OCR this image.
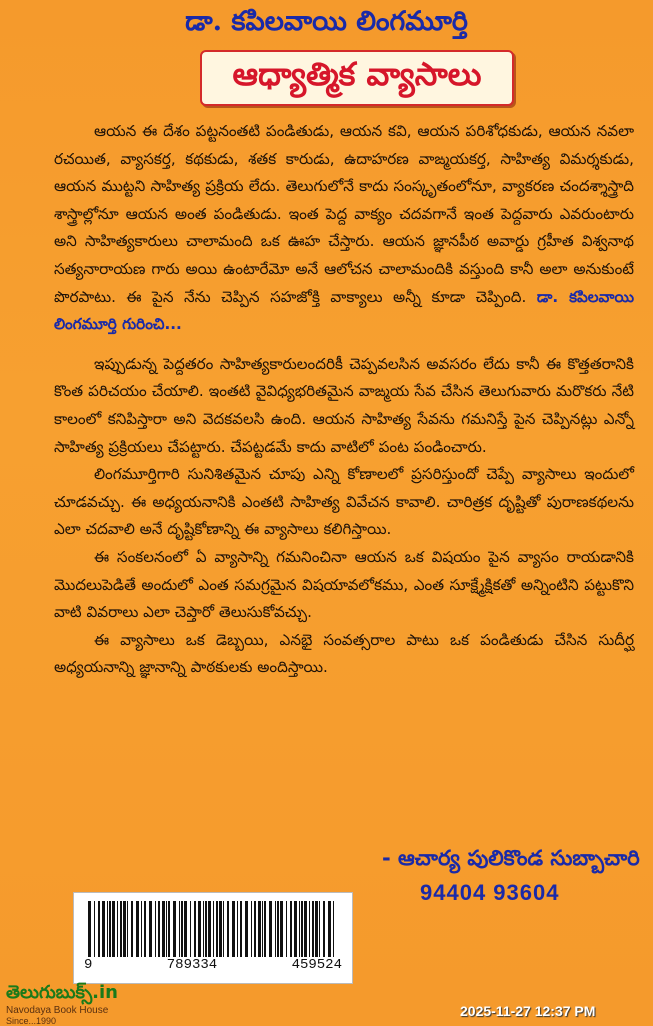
డా. కపిలవాయి లింగమూర్తి
ఆధ్యాత్మిక వ్యాసాలు

ఆయన ఈ దేశం పట్టనంతటి పండితుడు, ఆయన కవి, ఆయన పరిశోధకుడు, ఆయన నవలా రచయిత, వ్యాసకర్త, కథకుడు, శతక కారుడు, ఉదాహరణ వాఙ్మయకర్త, సాహిత్య విమర్శకుడు, ఆయన ముట్టని సాహిత్య ప్రక్రియ లేదు. తెలుగులోనే కాదు సంస్కృతంలోనూ, వ్యాకరణ చందశ్శాస్త్రాది శాస్త్రాల్లోనూ ఆయన అంత పండితుడు. ఇంత పెద్ద వాక్యం చదవగానే ఇంత పెద్దవారు ఎవరుంటారు అని సాహిత్యకారులు చాలామంది ఒక ఊహ చేస్తారు. ఆయన జ్ఞానపీఠ అవార్డు గ్రహీత విశ్వనాథ సత్యనారాయణ గారు అయి ఉంటారేమో అనే ఆలోచన చాలామందికి వస్తుంది కానీ అలా అనుకుంటే పొరపాటు. ఈ పైన నేను చెప్పిన సహజోక్తి వాక్యాలు అన్నీ కూడా చెప్పింది. డా. కపిలవాయి లింగమూర్తి గురించి...

ఇప్పుడున్న పెద్దతరం సాహిత్యకారులందరికీ చెప్పవలసిన అవసరం లేదు కానీ ఈ కొత్తతరానికి కొంత పరిచయం చేయాలి. ఇంతటి వైవిధ్యభరితమైన వాఙ్మయ సేవ చేసిన తెలుగువారు మరొకరు నేటి కాలంలో కనిపిస్తారా అని వెదకవలసి ఉంది. ఆయన సాహిత్య సేవను గమనిస్తే పైన చెప్పినట్లు ఎన్నో సాహిత్య ప్రక్రియలు చేపట్టారు. చేపట్టడమే కాదు వాటిలో పంట పండించారు.

లింగమూర్తిగారి సునిశితమైన చూపు ఎన్ని కోణాలలో ప్రసరిస్తుందో చెప్పే వ్యాసాలు ఇందులో చూడవచ్చు. ఈ అధ్యయనానికి ఎంతటి సాహిత్య వివేచన కావాలి. చారిత్రక దృష్టితో పురాణకథలను ఎలా చదవాలి అనే దృష్టికోణాన్ని ఈ వ్యాసాలు కలిగిస్తాయి.

ఈ సంకలనంలో ఏ వ్యాసాన్ని గమనించినా ఆయన ఒక విషయం పైన వ్యాసం రాయడానికి మొదలుపెడితే అందులో ఎంత సమగ్రమైన విషయావలోకము, ఎంత సూక్ష్మేక్షికతో అన్నింటిని పట్టుకొని వాటి వివరాలు ఎలా చెప్తారో తెలుసుకోవచ్చు.

ఈ వ్యాసాలు ఒక డెబ్బయి, ఎనభై సంవత్సరాల పాటు ఒక పండితుడు చేసిన సుదీర్ఘ అధ్యయనాన్ని జ్ఞానాన్ని పాఠకులకు అందిస్తాయి.

- ఆచార్య పులికొండ సుబ్బాచారి
94404 93604
9	789334	459524
తెలుగుబుక్స్.in
Navodaya Book House
Since...1990
2025-11-27 12:37 PM
